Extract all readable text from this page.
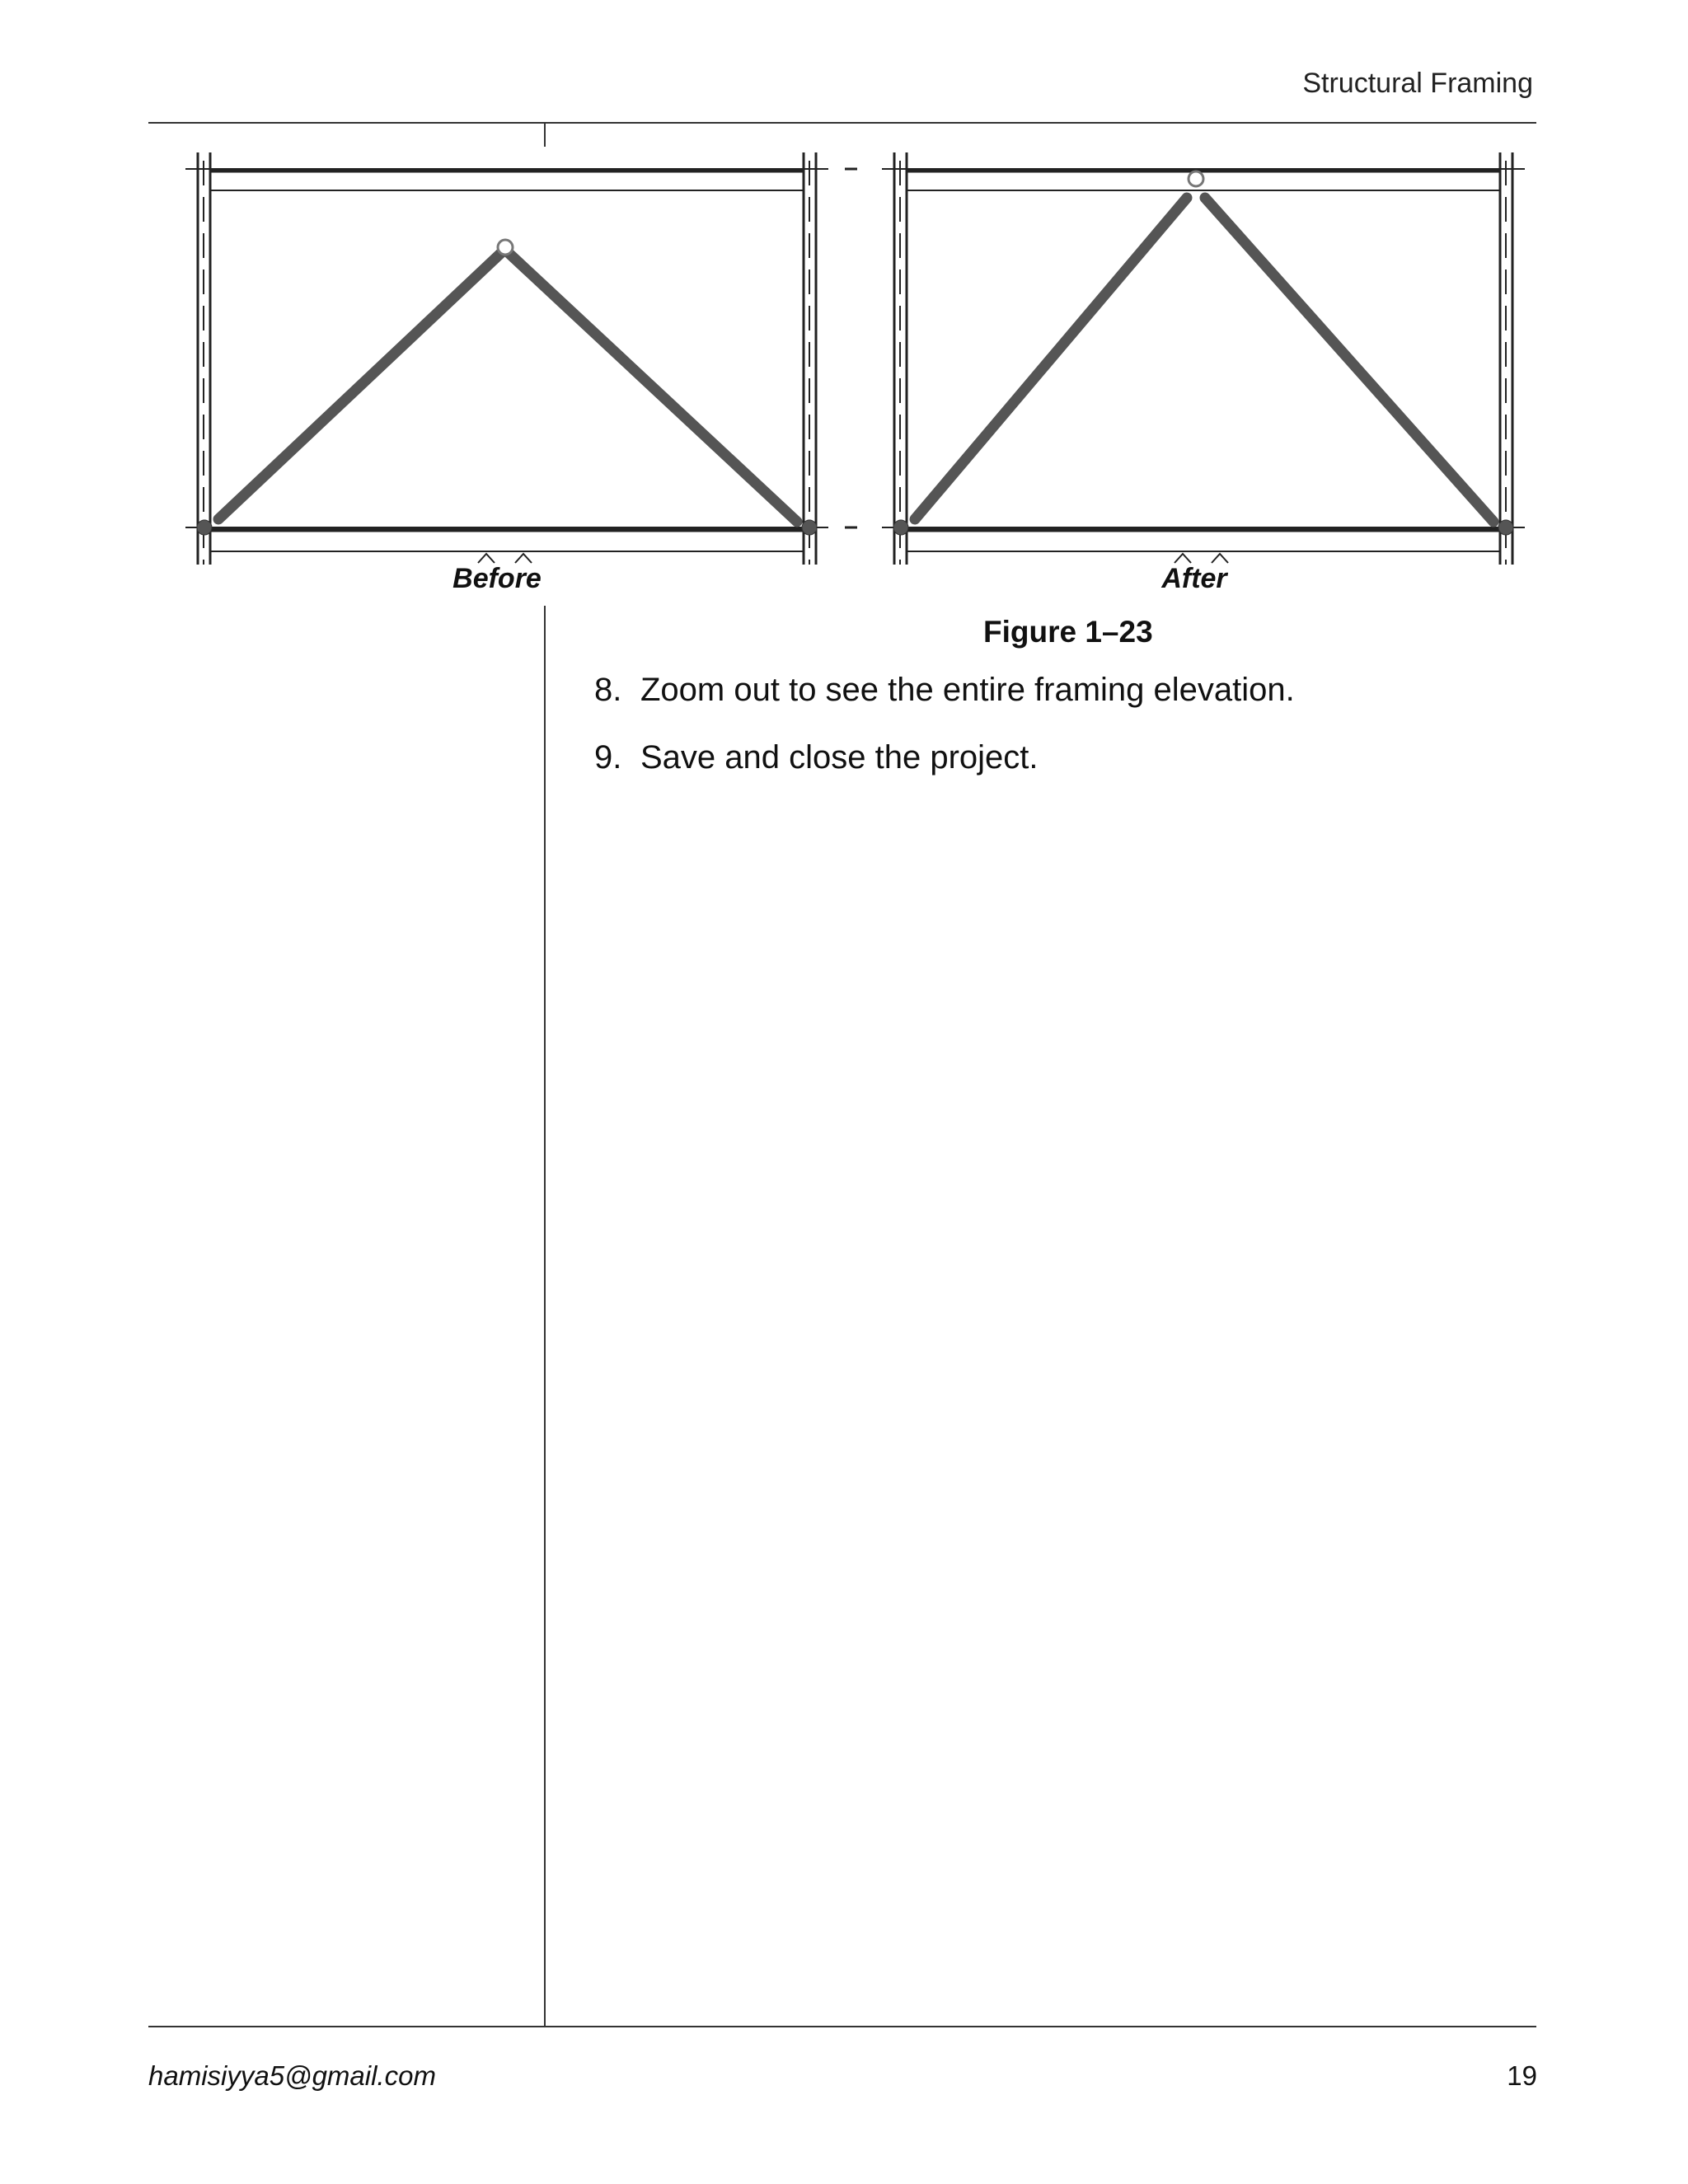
Structural Framing
Before	After
Figure 1–23
8. Zoom out to see the entire framing elevation.
9. Save and close the project.
hamisiyya5@gmail.com	19
